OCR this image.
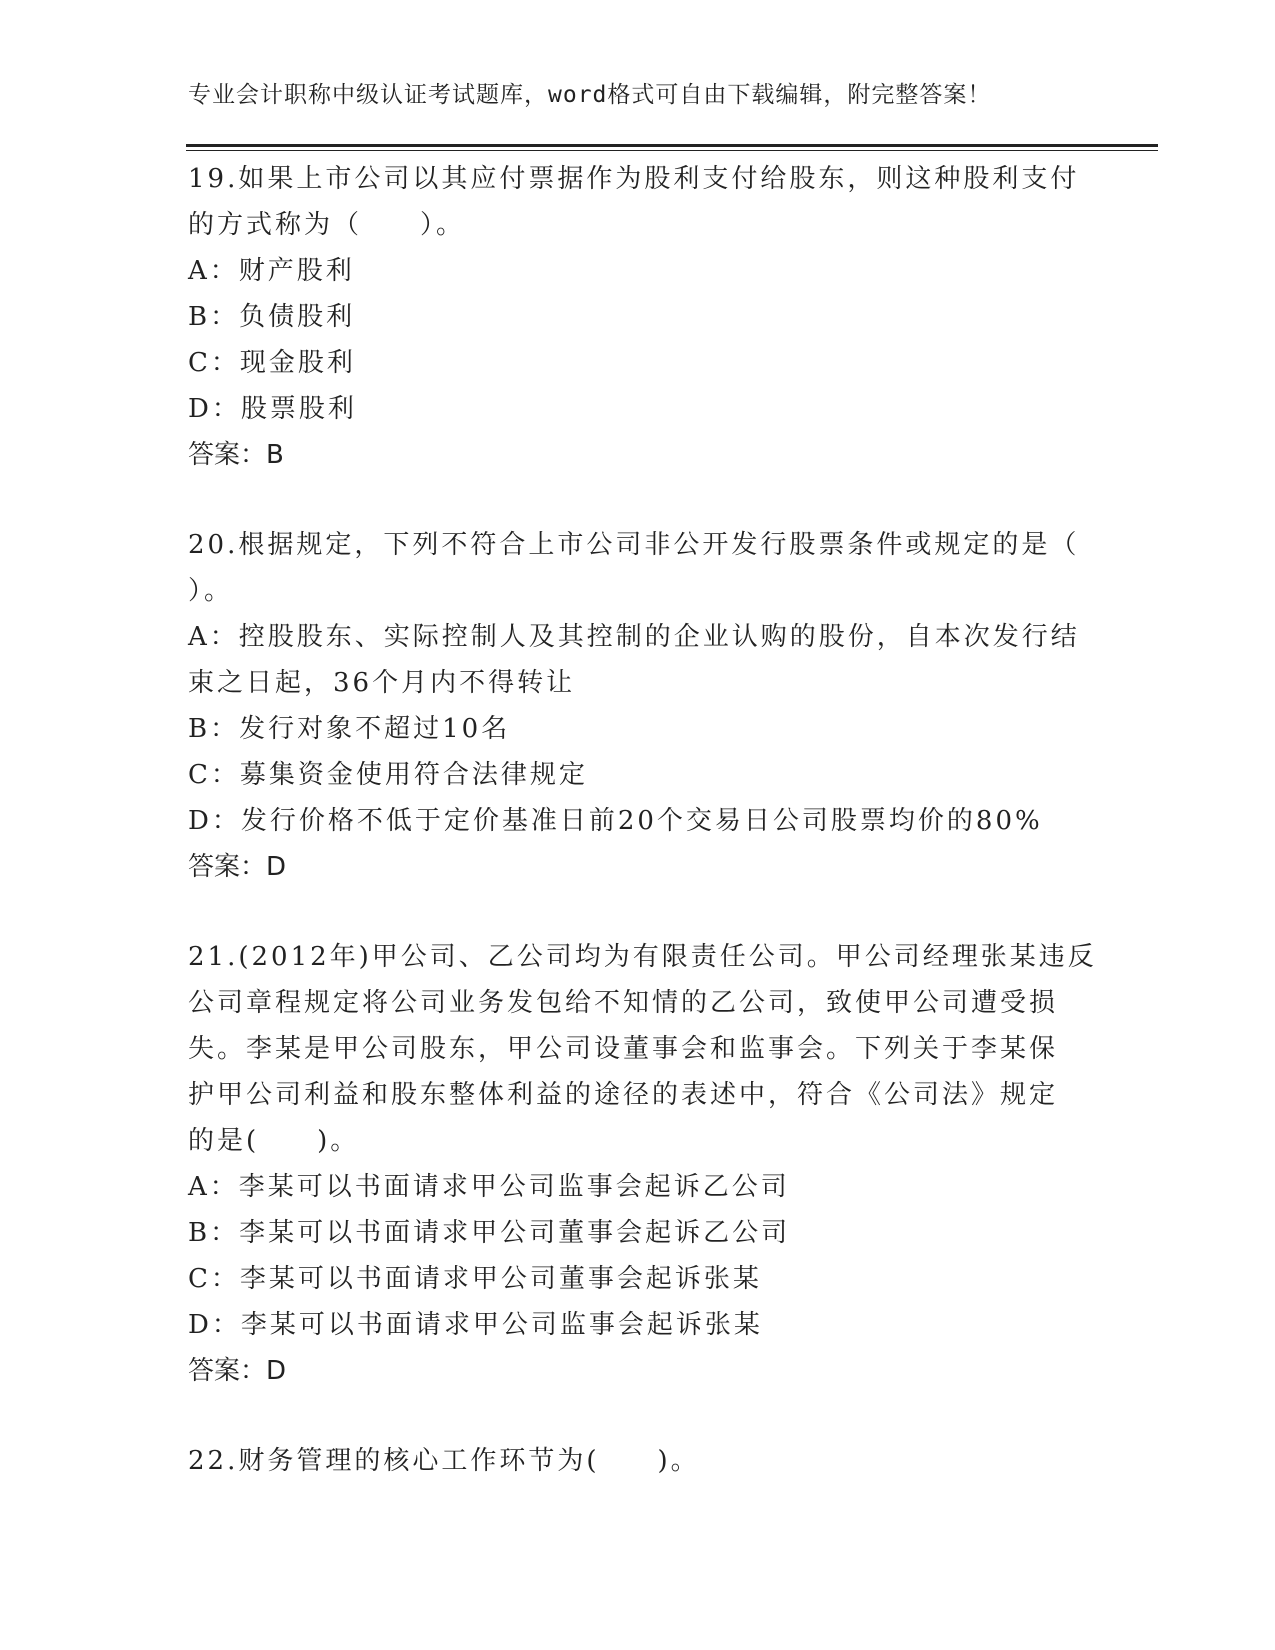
专业会计职称中级认证考试题库，word格式可自由下载编辑，附完整答案！
19.如果上市公司以其应付票据作为股利支付给股东，则这种股利支付
的方式称为（　　）。
A：财产股利
B：负债股利
C：现金股利
D：股票股利
答案：B
20.根据规定，下列不符合上市公司非公开发行股票条件或规定的是（
）。
A：控股股东、实际控制人及其控制的企业认购的股份，自本次发行结
束之日起，36个月内不得转让
B：发行对象不超过10名
C：募集资金使用符合法律规定
D：发行价格不低于定价基准日前20个交易日公司股票均价的80%
答案：D
21.(2012年)甲公司、乙公司均为有限责任公司。甲公司经理张某违反
公司章程规定将公司业务发包给不知情的乙公司，致使甲公司遭受损
失。李某是甲公司股东，甲公司设董事会和监事会。下列关于李某保
护甲公司利益和股东整体利益的途径的表述中，符合《公司法》规定
的是(　　)。
A：李某可以书面请求甲公司监事会起诉乙公司
B：李某可以书面请求甲公司董事会起诉乙公司
C：李某可以书面请求甲公司董事会起诉张某
D：李某可以书面请求甲公司监事会起诉张某
答案：D
22.财务管理的核心工作环节为(　　)。
